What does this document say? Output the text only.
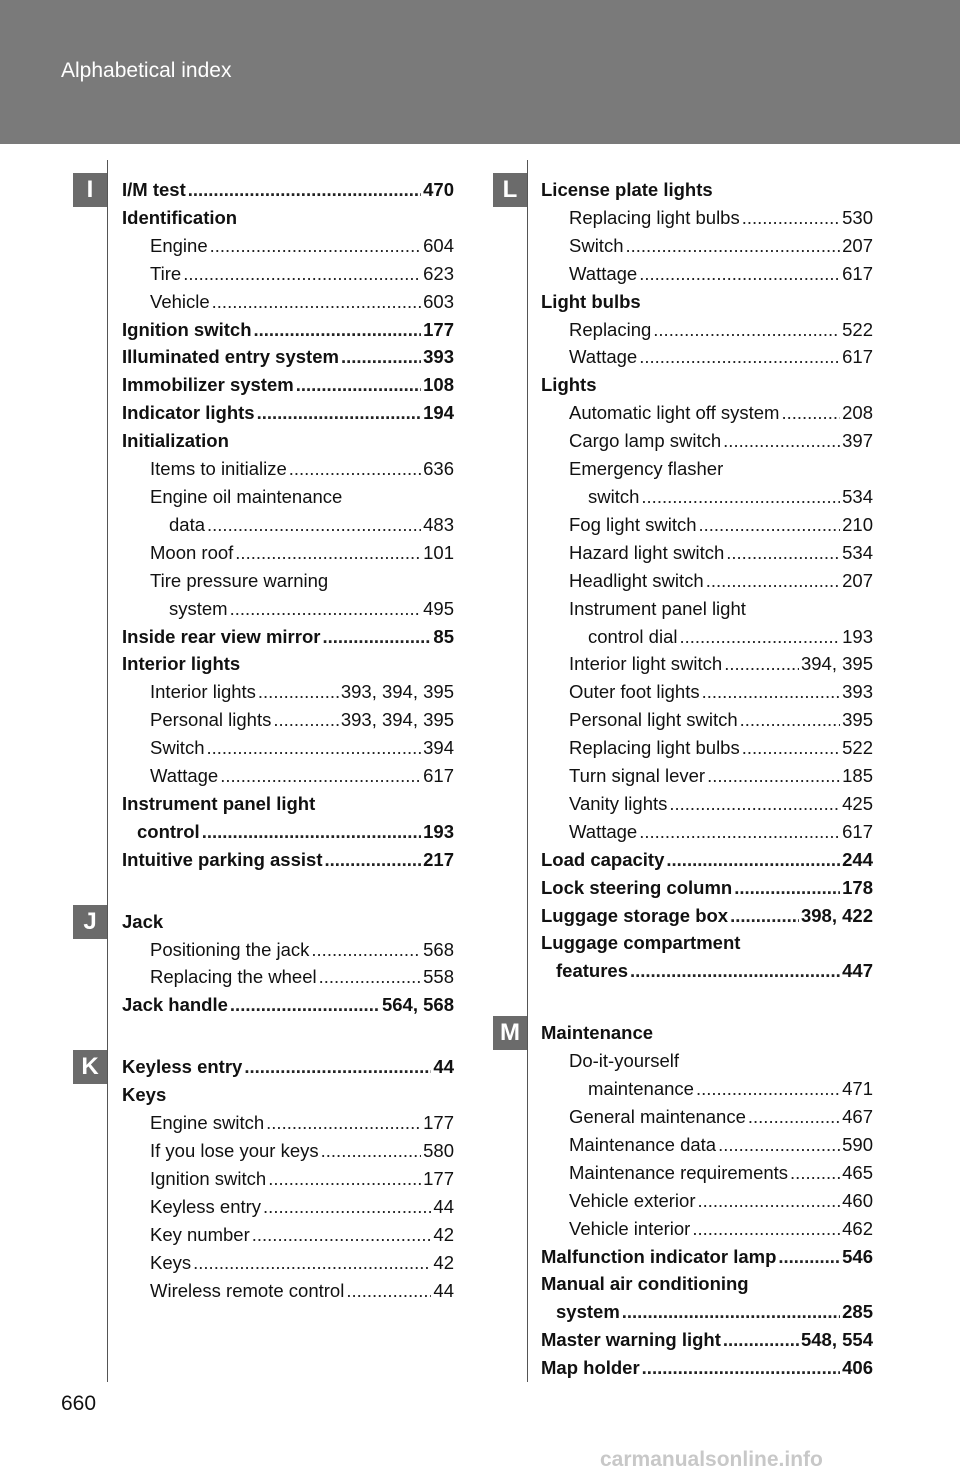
Alphabetical index
I/M test .....	470
Identification
Engine .....	604
Tire .....	623
Vehicle .....	603
Ignition switch .....	177
Illuminated entry system .....	393
Immobilizer system .....	108
Indicator lights .....	194
Initialization
Items to initialize .....	636
Engine oil maintenance
data .....	483
Moon roof .....	101
Tire pressure warning
system .....	495
Inside rear view mirror .....	85
Interior lights
Interior lights .....	393, 394, 395
Personal lights .....	393, 394, 395
Switch .....	394
Wattage .....	617
Instrument panel light
control .....	193
Intuitive parking assist .....	217
Jack
Positioning the jack .....	568
Replacing the wheel .....	558
Jack handle .....	564, 568
Keyless entry .....	44
Keys
Engine switch .....	177
If you lose your keys .....	580
Ignition switch .....	177
Keyless entry .....	44
Key number .....	42
Keys .....	42
Wireless remote control .....	44
License plate lights
Replacing light bulbs .....	530
Switch .....	207
Wattage .....	617
Light bulbs
Replacing .....	522
Wattage .....	617
Lights
Automatic light off system .....	208
Cargo lamp switch .....	397
Emergency flasher
switch .....	534
Fog light switch .....	210
Hazard light switch .....	534
Headlight switch .....	207
Instrument panel light
control dial .....	193
Interior light switch .....	394, 395
Outer foot lights .....	393
Personal light switch .....	395
Replacing light bulbs .....	522
Turn signal lever .....	185
Vanity lights .....	425
Wattage .....	617
Load capacity .....	244
Lock steering column .....	178
Luggage storage box .....	398, 422
Luggage compartment
features .....	447
Maintenance
Do-it-yourself
maintenance .....	471
General maintenance .....	467
Maintenance data .....	590
Maintenance requirements .....	465
Vehicle exterior .....	460
Vehicle interior .....	462
Malfunction indicator lamp .....	546
Manual air conditioning
system .....	285
Master warning light .....	548, 554
Map holder .....	406
I
J
K
L
M
660
carmanualsonline.info
